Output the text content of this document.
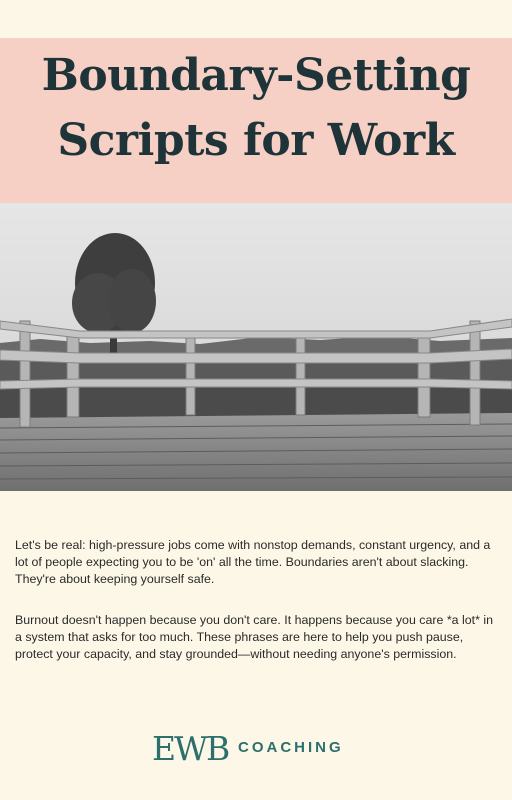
Boundary-Setting
Scripts for Work

Let's be real: high-pressure jobs come with nonstop demands, constant urgency, and a lot of people expecting you to be 'on' all the time. Boundaries aren't about slacking. They're about keeping yourself safe.

Burnout doesn't happen because you don't care. It happens because you care *a lot* in a system that asks for too much. These phrases are here to help you push pause, protect your capacity, and stay grounded—without needing anyone's permission.

EWB COACHING
